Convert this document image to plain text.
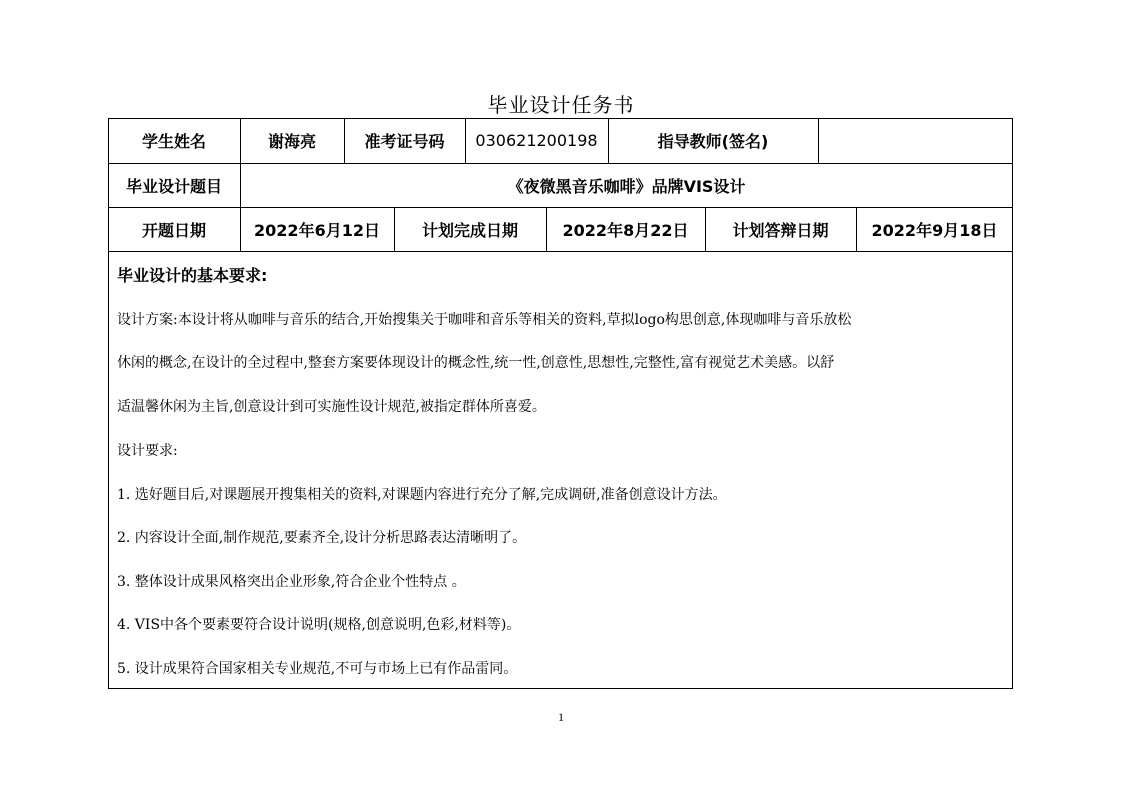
毕业设计任务书
学生姓名	谢海亮	准考证号码	030621200198	指导教师(签名)
毕业设计题目	《夜微黑音乐咖啡》品牌VIS设计
开题日期	2022年6月12日	计划完成日期	2022年8月22日	计划答辩日期	2022年9月18日
毕业设计的基本要求:
设计方案:本设计将从咖啡与音乐的结合,开始搜集关于咖啡和音乐等相关的资料,草拟logo构思创意,体现咖啡与音乐放松
休闲的概念,在设计的全过程中,整套方案要体现设计的概念性,统一性,创意性,思想性,完整性,富有视觉艺术美感。以舒
适温馨休闲为主旨,创意设计到可实施性设计规范,被指定群体所喜爱。
设计要求:
1. 选好题目后,对课题展开搜集相关的资料,对课题内容进行充分了解,完成调研,准备创意设计方法。
2. 内容设计全面,制作规范,要素齐全,设计分析思路表达清晰明了。
3. 整体设计成果风格突出企业形象,符合企业个性特点 。
4. VIS中各个要素要符合设计说明(规格,创意说明,色彩,材料等)。
5. 设计成果符合国家相关专业规范,不可与市场上已有作品雷同。
1
